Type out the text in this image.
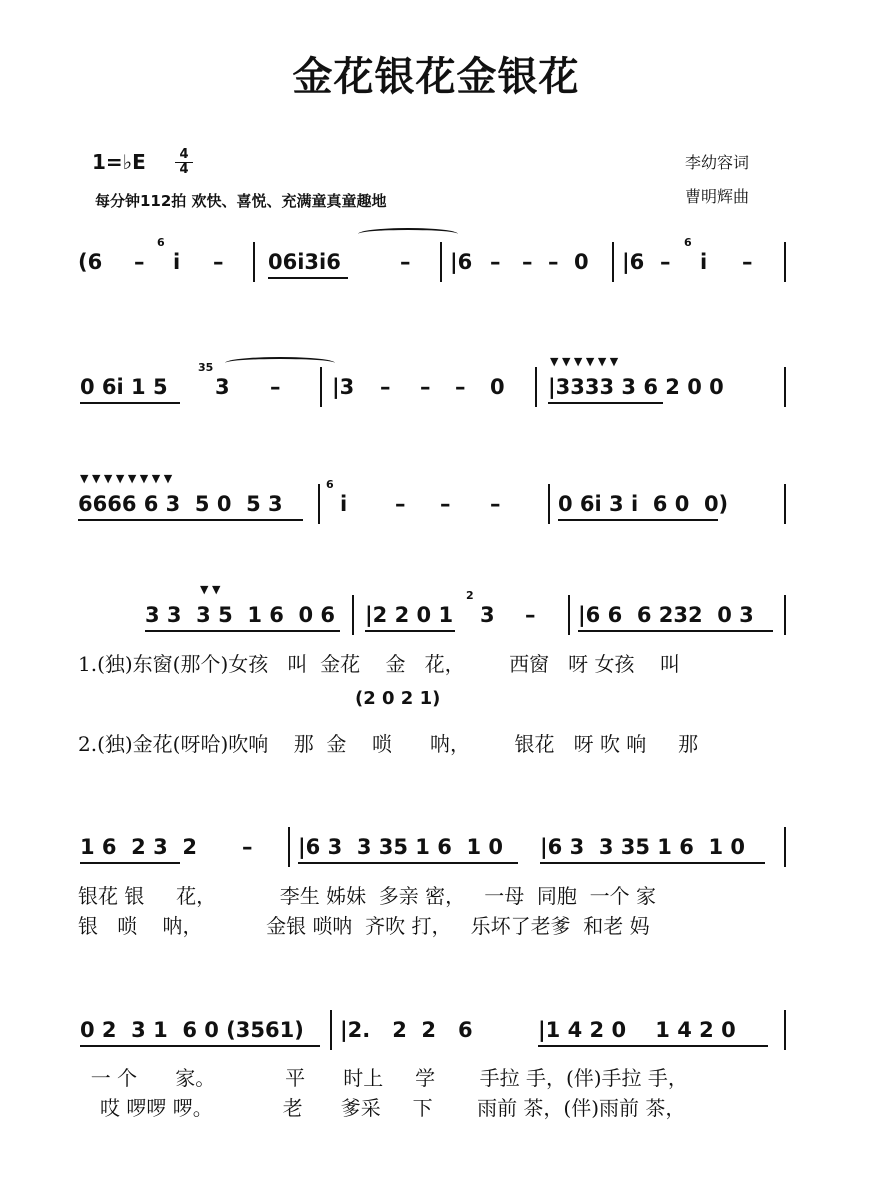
金花银花金银花
1=♭E	4
4
每分钟112拍 欢快、喜悦、充满童真童趣地
李幼容词
曹明辉曲
(6 –
6
i – 06i3i6	– |6 – – – 0 |6 –
6
i –
0 6i 1 5
35
3 – |3 – – – 0
▼ ▼ ▼ ▼ ▼ ▼
|3333 3 6 2 0 0
▼ ▼ ▼ ▼ ▼ ▼ ▼ ▼
6666 6 3  5 0  5 3
6
i – – –	0 6i 3 i  6 0  0)
▼ ▼
3 3  3 5  1 6  0 6 |2 2 0 1
2
3 – |6 6  6 232  0 3
1.(独)东窗(那个)女孩   叫  金花    金   花，       西窗   呀 女孩    叫
(2 0 2 1)
2.(独)金花(呀哈)吹响    那  金    唢      呐，       银花   呀 吹 响     那
1 6  2 3  2 – |6 3  3 35 1 6  1 0 |6 3  3 35 1 6  1 0
银花 银     花，          李生 姊妹  多亲 密，   一母  同胞  一个 家
银   唢    呐，          金银 唢呐  齐吹 打，   乐坏了老爹  和老 妈
0 2  3 1  6 0 (3561) |2.   2  2   6	|1 4 2 0    1 4 2 0
一 个      家。           平      时上     学       手拉 手，(伴)手拉 手，
哎 啰啰 啰。           老      爹采     下       雨前 茶，(伴)雨前 茶，
